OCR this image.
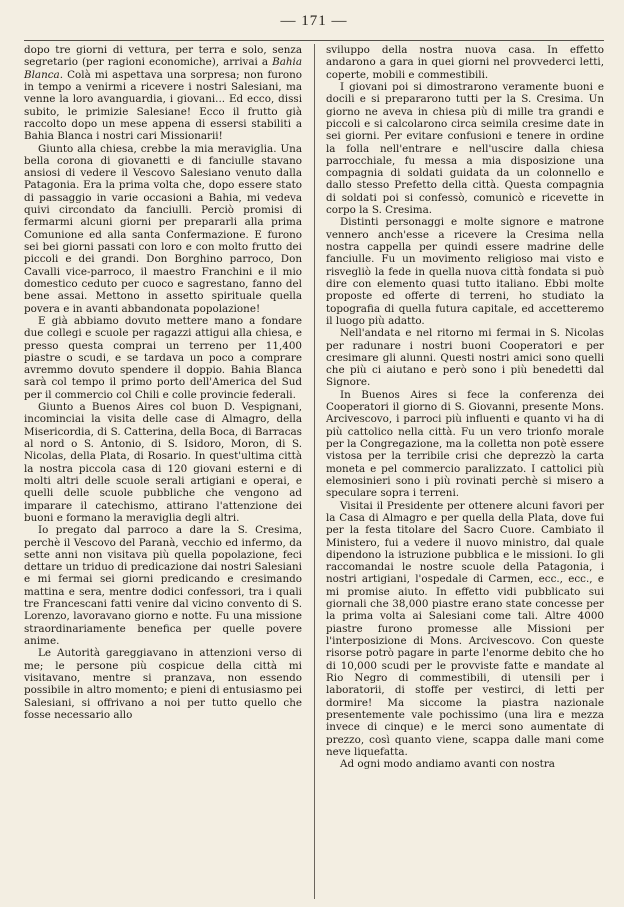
— 171 —

dopo tre giorni di vettura, per terra e solo, senza segretario (per ragioni economiche), arrivai a Bahia Blanca. Colà mi aspettava una sorpresa; non furono in tempo a venirmi a ricevere i nostri Salesiani, ma venne la loro avanguardia, i giovani... Ed ecco, dissi subito, le primizie Salesiane! Ecco il frutto già raccolto dopo un mese appena di essersi stabiliti a Bahia Blanca i nostri cari Missionarii!

Giunto alla chiesa, crebbe la mia meraviglia. Una bella corona di giovanetti e di fanciulle stavano ansiosi di vedere il Vescovo Salesiano venuto dalla Patagonia. Era la prima volta che, dopo essere stato di passaggio in varie occasioni a Bahia, mi vedeva quivi circondato da fanciulli. Perciò promisi di fermarmi alcuni giorni per prepararli alla prima Comunione ed alla santa Confermazione. E furono sei bei giorni passati con loro e con molto frutto dei piccoli e dei grandi. Don Borghino parroco, Don Cavalli vice-parroco, il maestro Franchini e il mio domestico ceduto per cuoco e sagrestano, fanno del bene assai. Mettono in assetto spirituale quella povera e in avanti abbandonata popolazione!

E già abbiamo dovuto mettere mano a fondare due collegi e scuole per ragazzi attigui alla chiesa, e presso questa comprai un terreno per 11,400 piastre o scudi, e se tardava un poco a comprare avremmo dovuto spendere il doppio. Bahia Blanca sarà col tempo il primo porto dell'America del Sud per il commercio col Chili e colle provincie federali.

Giunto a Buenos Aires col buon D. Vespignani, incominciai la visita delle case di Almagro, della Misericordia, di S. Catterina, della Boca, di Barracas al nord o S. Antonio, di S. Isidoro, Moron, di S. Nicolas, della Plata, di Rosario. In quest'ultima città la nostra piccola casa di 120 giovani esterni e di molti altri delle scuole serali artigiani e operai, e quelli delle scuole pubbliche che vengono ad imparare il catechismo, attirano l'attenzione dei buoni e formano la meraviglia degli altri.

Io pregato dal parroco a dare la S. Cresima, perchè il Vescovo del Paranà, vecchio ed infermo, da sette anni non visitava più quella popolazione, feci dettare un triduo di predicazione dai nostri Salesiani e mi fermai sei giorni predicando e cresimando mattina e sera, mentre dodici confessori, tra i quali tre Francescani fatti venire dal vicino convento di S. Lorenzo, lavoravano giorno e notte. Fu una missione straordinariamente benefica per quelle povere anime.

Le Autorità gareggiavano in attenzioni verso di me; le persone più cospicue della città mi visitavano, mentre si pranzava, non essendo possibile in altro momento; e pieni di entusiasmo pei Salesiani, si offrivano a noi per tutto quello che fosse necessario allo

sviluppo della nostra nuova casa. In effetto andarono a gara in quei giorni nel provvederci letti, coperte, mobili e commestibili.

I giovani poi si dimostrarono veramente buoni e docili e si prepararono tutti per la S. Cresima. Un giorno ne aveva in chiesa più di mille tra grandi e piccoli e si calcolarono circa seimila cresime date in sei giorni. Per evitare confusioni e tenere in ordine la folla nell'entrare e nell'uscire dalla chiesa parrocchiale, fu messa a mia disposizione una compagnia di soldati guidata da un colonnello e dallo stesso Prefetto della città. Questa compagnia di soldati poi si confessò, comunicò e ricevette in corpo la S. Cresima.

Distinti personaggi e molte signore e matrone vennero anch'esse a ricevere la Cresima nella nostra cappella per quindi essere madrine delle fanciulle. Fu un movimento religioso mai visto e risvegliò la fede in quella nuova città fondata si può dire con elemento quasi tutto italiano. Ebbi molte proposte ed offerte di terreni, ho studiato la topografia di quella futura capitale, ed accetteremo il luogo più adatto.

Nell'andata e nel ritorno mi fermai in S. Nicolas per radunare i nostri buoni Cooperatori e per cresimare gli alunni. Questi nostri amici sono quelli che più ci aiutano e però sono i più benedetti dal Signore.

In Buenos Aires si fece la conferenza dei Cooperatori il giorno di S. Giovanni, presente Mons. Arcivescovo, i parroci più influenti e quanto vi ha di più cattolico nella città. Fu un vero trionfo morale per la Congregazione, ma la colletta non potè essere vistosa per la terribile crisi che deprezzò la carta moneta e pel commercio paralizzato. I cattolici più elemosinieri sono i più rovinati perchè si misero a speculare sopra i terreni.

Visitai il Presidente per ottenere alcuni favori per la Casa di Almagro e per quella della Plata, dove fui per la festa titolare del Sacro Cuore. Cambiato il Ministero, fui a vedere il nuovo ministro, dal quale dipendono la istruzione pubblica e le missioni. Io gli raccomandai le nostre scuole della Patagonia, i nostri artigiani, l'ospedale di Carmen, ecc., ecc., e mi promise aiuto. In effetto vidi pubblicato sui giornali che 38,000 piastre erano state concesse per la prima volta ai Salesiani come tali. Altre 4000 piastre furono promesse alle Missioni per l'interposizione di Mons. Arcivescovo. Con queste risorse potrò pagare in parte l'enorme debito che ho di 10,000 scudi per le provviste fatte e mandate al Rio Negro di commestibili, di utensili per i laboratorii, di stoffe per vestirci, di letti per dormire! Ma siccome la piastra nazionale presentemente vale pochissimo (una lira e mezza invece di cinque) e le merci sono aumentate di prezzo, così quanto viene, scappa dalle mani come neve liquefatta.

Ad ogni modo andiamo avanti con nostra
